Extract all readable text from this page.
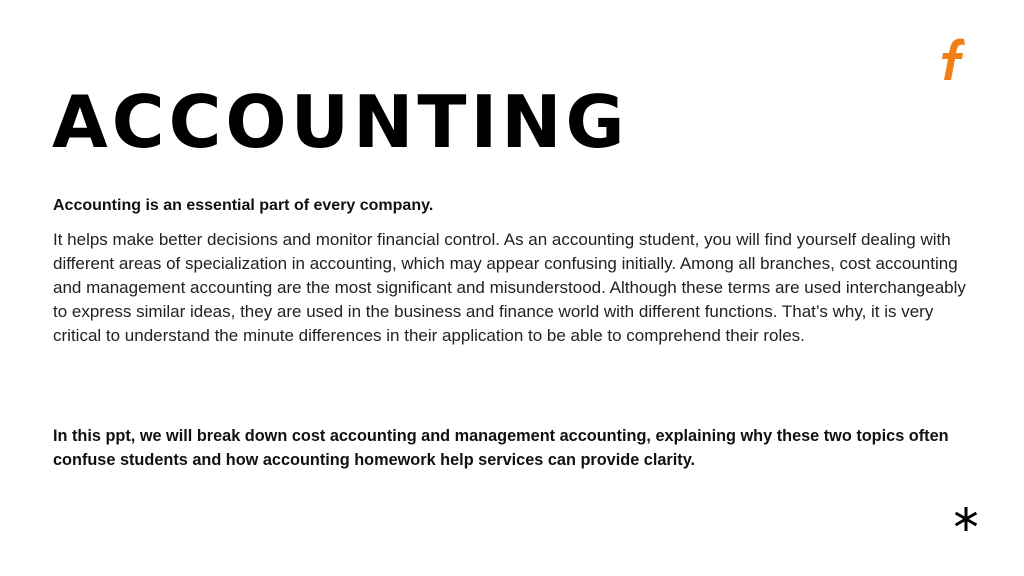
ACCOUNTING

Accounting is an essential part of every company.

It helps make better decisions and monitor financial control. As an accounting student, you will find yourself dealing with different areas of specialization in accounting, which may appear confusing initially. Among all branches, cost accounting and management accounting are the most significant and misunderstood. Although these terms are used interchangeably to express similar ideas, they are used in the business and finance world with different functions. That’s why, it is very critical to understand the minute differences in their application to be able to comprehend their roles.

In this ppt, we will break down cost accounting and management accounting, explaining why these two topics often confuse students and how accounting homework help services can provide clarity.
